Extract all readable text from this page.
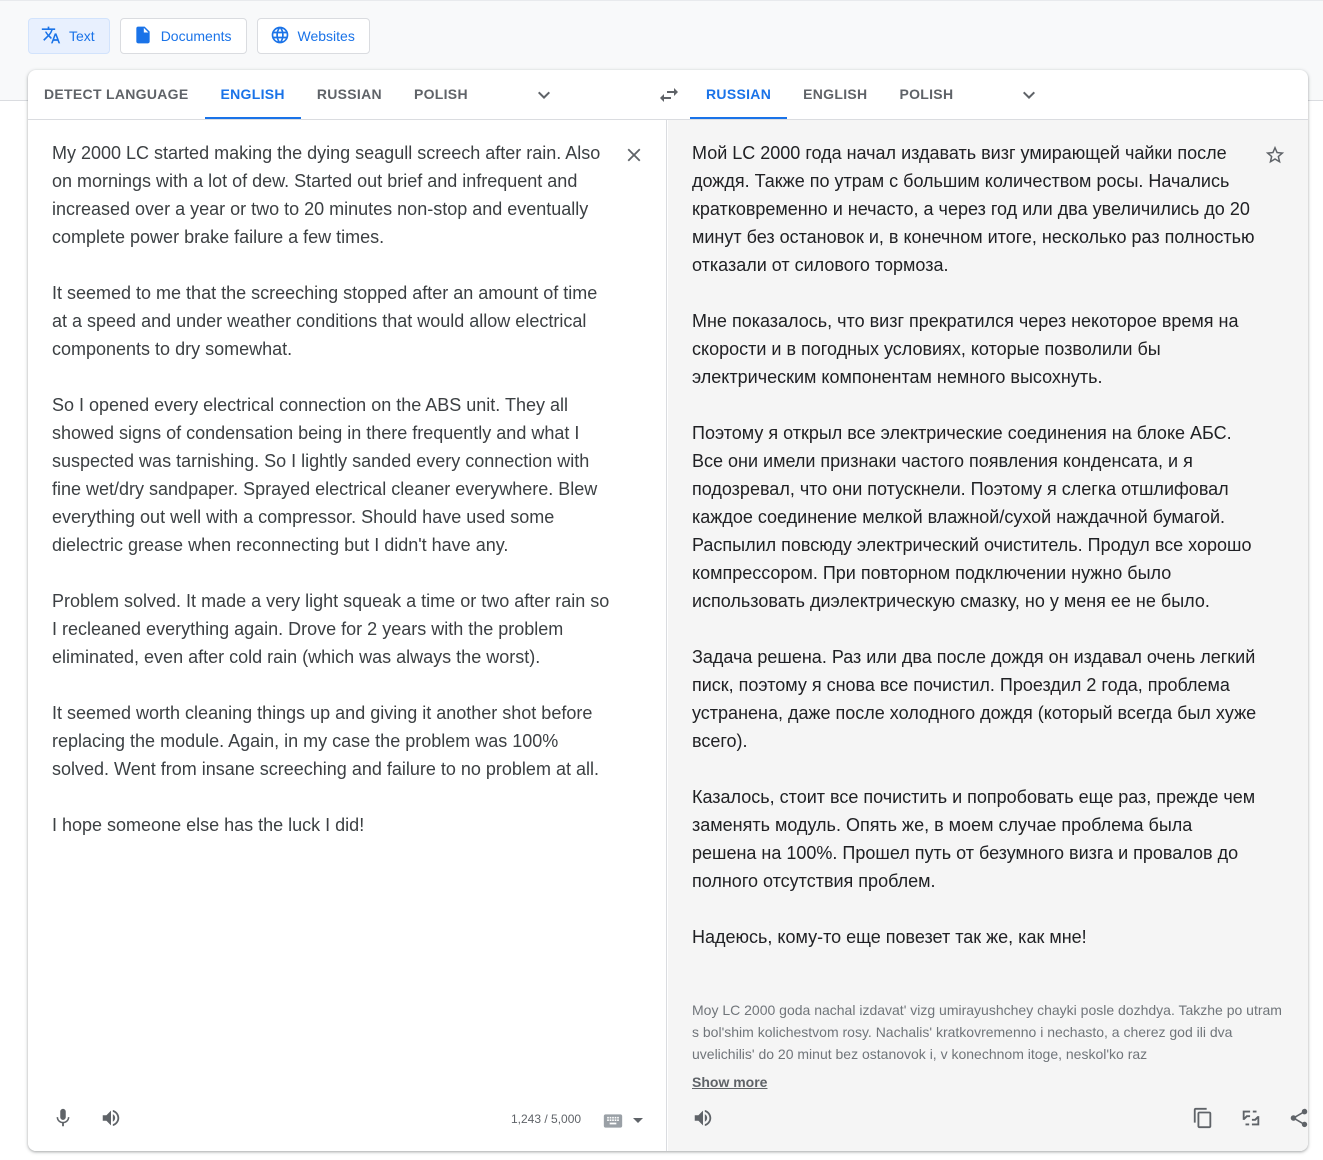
Text	Documents	Websites
DETECT LANGUAGE	ENGLISH	RUSSIAN	POLISH	RUSSIAN	ENGLISH	POLISH
My 2000 LC started making the dying seagull screech after rain. Also on mornings with a lot of dew. Started out brief and infrequent and increased over a year or two to 20 minutes non-stop and eventually complete power brake failure a few times.

It seemed to me that the screeching stopped after an amount of time at a speed and under weather conditions that would allow electrical components to dry somewhat.

So I opened every electrical connection on the ABS unit. They all showed signs of condensation being in there frequently and what I suspected was tarnishing. So I lightly sanded every connection with fine wet/dry sandpaper. Sprayed electrical cleaner everywhere. Blew everything out well with a compressor. Should have used some dielectric grease when reconnecting but I didn't have any.

Problem solved. It made a very light squeak a time or two after rain so I recleaned everything again. Drove for 2 years with the problem eliminated, even after cold rain (which was always the worst).

It seemed worth cleaning things up and giving it another shot before replacing the module. Again, in my case the problem was 100% solved. Went from insane screeching and failure to no problem at all.

I hope someone else has the luck I did!
1,243 / 5,000
Мой LC 2000 года начал издавать визг умирающей чайки после дождя. Также по утрам с большим количеством росы. Начались кратковременно и нечасто, а через год или два увеличились до 20 минут без остановок и, в конечном итоге, несколько раз полностью отказали от силового тормоза.

Мне показалось, что визг прекратился через некоторое время на скорости и в погодных условиях, которые позволили бы электрическим компонентам немного высохнуть.

Поэтому я открыл все электрические соединения на блоке АБС. Все они имели признаки частого появления конденсата, и я подозревал, что они потускнели. Поэтому я слегка отшлифовал каждое соединение мелкой влажной/сухой наждачной бумагой. Распылил повсюду электрический очиститель. Продул все хорошо компрессором. При повторном подключении нужно было использовать диэлектрическую смазку, но у меня ее не было.

Задача решена. Раз или два после дождя он издавал очень легкий писк, поэтому я снова все почистил. Проездил 2 года, проблема устранена, даже после холодного дождя (который всегда был хуже всего).

Казалось, стоит все почистить и попробовать еще раз, прежде чем заменять модуль. Опять же, в моем случае проблема была решена на 100%. Прошел путь от безумного визга и провалов до полного отсутствия проблем.

Надеюсь, кому-то еще повезет так же, как мне!
Moy LC 2000 goda nachal izdavat' vizg umirayushchey chayki posle dozhdya. Takzhe po utram s bol'shim kolichestvom rosy. Nachalis' kratkovremenno i nechasto, a cherez god ili dva uvelichilis' do 20 minut bez ostanovok i, v konechnom itoge, neskol'ko raz
Show more
